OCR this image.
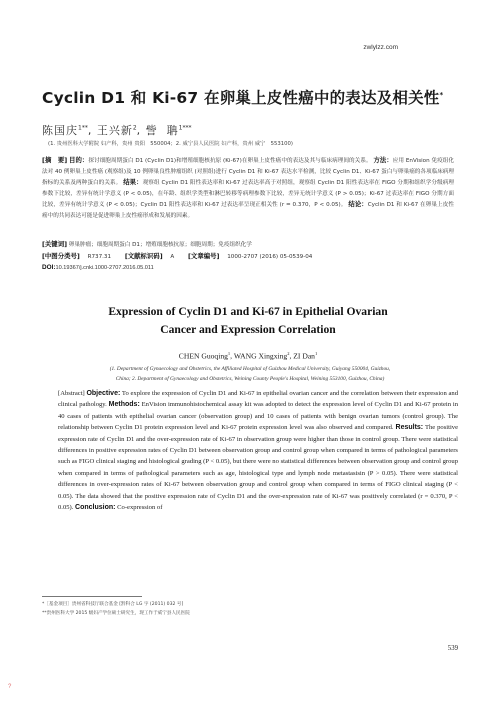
zwlylzz.com
Cyclin D1 和 Ki-67 在卵巢上皮性癌中的表达及相关性*
陈国庆$^{1**}$, 王兴新$^2$, 訾 聃$^{1***}$
(1. 贵州医科大学附院 妇产科，贵州 贵阳　550004；2. 威宁县人民医院 妇产科，贵州 威宁　553100)
[摘　要] 目的：探讨细胞周期蛋白 D1 (Cyclin D1)和增殖细胞核抗原 (Ki-67)在卵巢上皮性癌中的表达及其与临床病理间的关系。 方法：应用 EnVision 免疫组化法对 40 例卵巢上皮性癌 (观察组)及 10 例卵巢良性肿瘤组织 (对照组)进行 Cyclin D1 和 Ki-67 表达水平检测，比较 Cyclin D1、Ki-67 蛋白与卵巢癌的各项临床病理指标的关系及两种蛋白的关系。 结果：观察组 Cyclin D1 阳性表达率和 Ki-67 过表达率高于对照组，观察组 Cyclin D1 阳性表达率在 FIGO 分期和组织学分级病理参数下比较，差异有统计学意义 (P < 0.05)，在年龄、组织学类型和淋巴转移等病理参数下比较，差异无统计学意义 (P > 0.05)；Ki-67 过表达率在 FIGO 分期方面比较，差异有统计学意义 (P < 0.05)；Cyclin D1 阳性表达率和 Ki-67 过表达率呈现正相关性 (r = 0.370，P < 0.05)。 结论：Cyclin D1 和 Ki-67 在卵巢上皮性癌中的共同表达可能是促进卵巢上皮性癌形成和发展的因素。
[关键词] 卵巢肿瘤；细胞周期蛋白 D1；增殖细胞核抗原；细胞周期；免疫组织化学
[中图分类号] R737.31 [文献标识码] A [文章编号] 1000-2707 (2016) 05-0539-04
DOI:10.19367/j.cnki.1000-2707.2016.05.011
Expression of Cyclin D1 and Ki-67 in Epithelial Ovarian
Cancer and Expression Correlation
CHEN Guoqing$^1$, WANG Xingxing$^2$, ZI Dan$^1$
(1. Department of Gynaecology and Obstetrics, the Affiliated Hospital of Guizhou Medical University, Guiyang 550004, Guizhou,
China; 2. Department of Gynaecology and Obstetrics, Weining County People's Hospital, Weining 553100, Guizhou, China)
[Abstract] Objective: To explore the expression of Cyclin D1 and Ki-67 in epithelial ovarian cancer and the correlation between their expression and clinical pathology. Methods: EnVision immunohistochemical assay kit was adopted to detect the expression level of Cyclin D1 and Ki-67 protein in 40 cases of patients with epithelial ovarian cancer (observation group) and 10 cases of patients with benign ovarian tumors (control group). The relationship between Cyclin D1 protein expression level and Ki-67 protein expression level was also observed and compared. Results: The positive expression rate of Cyclin D1 and the over-expression rate of Ki-67 in observation group were higher than those in control group. There were statistical differences in positive expression rates of Cyclin D1 between observation group and control group when compared in terms of pathological parameters such as FIGO clinical staging and histological grading (P < 0.05), but there were no statistical differences between observation group and control group when compared in terms of pathological parameters such as age, histological type and lymph node metastasisin (P > 0.05). There were statistical differences in over-expression rates of Ki-67 between observation group and control group when compared in terms of FIGO clinical staging (P < 0.05). The data showed that the positive expression rate of Cyclin D1 and the over-expression rate of Ki-67 was positively correlated (r = 0.370, P < 0.05). Conclusion: Co-expression of
*［基金项目］贵州省科技厅联合基金 [黔科合 LG 字 (2011) 032 号]
**贵州医科大学 2015 级妇产学位硕士研究生，现工作于威宁县人民医院
539
?
